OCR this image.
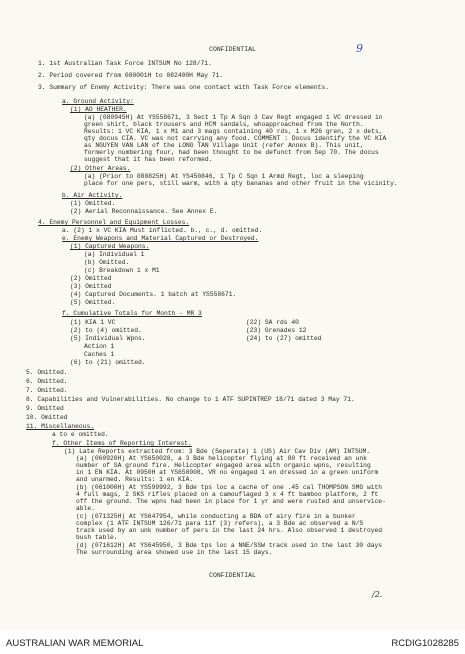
9
CONFIDENTIAL
1. 1st Australian Task Force INTSUM No 128/71.
2. Period covered from 080001H to 082400H May 71.
3. Summary of Enemy Activity: There was one contact with Task Force elements.
a. Ground Activity:
(1) AO HEATHER.
(a) (080945H) At YS558671, 3 Sect 1 Tp A Sqn 3 Cav Regt engaged 1 VC dressed in
green shirt, black trousers and HCM sandals, whoapproached from the North.
Results: 1 VC KIA, 1 x M1 and 3 mags containing 40 rds, 1 x M26 gren, 2 x dets,
qty docus CIA. VC was not carrying any food. COMMENT : Docus identify the VC KIA
as NGUYEN VAN LAN of the LONG TAN Village Unit (refer Annex B). This unit,
formerly numbering four, had been thought to be defunct from Sep 70. The docus
suggest that it has been reformed.
(2) Other Areas.
(a) (Prior to 080825H) At YS450846, 1 Tp C Sqn 1 Armd Regt, loc a sleeping
place for one pers, still warm, with a qty bananas and other fruit in the vicinity.
b. Air Activity.
(1) Omitted.
(2) Aerial Reconnaissance. See Annex E.
4. Enemy Personnel and Equipment Losses.
a. (2) 1 x VC KIA Must inflicted. b., c., d. omitted.
e. Enemy Weapons and Material Captured or Destroyed.
(1) Captured Weapons.
(a) Individual 1
(b) Omitted.
(c) Breakdown 1 x M1
(2) Omitted
(3) Omitted
(4) Captured Documents. 1 batch at YS558671.
(5) Omitted.
f. Cumulative Totals for Month - MR 3
(1) KIA 1 VC	(22) SA rds 40
(2) to (4) omitted.	(23) Grenades 12
(5) Individual Wpns.	(24) to (27) omitted
Action 1
Caches 1
(6) to (21) omitted.
5. Omitted.
6. Omitted.
7. Omitted.
8. Capabilities and Vulnerabilities. No change to 1 ATF SUPINTREP 18/71 dated 3 May 71.
9. Omitted
10. Omitted
11. Miscellaneous.
a to e omitted.
f. Other Items of Reporting Interest.
(1) Late Reports extracted from: 3 Bde (Seperate) 1 (US) Air Cav Div (AM) INTSUM.
(a) (060920H) At YS650028, a 3 Bde helicopter flying at 80 ft received an unk
number of SA ground fire. Helicopter engaged area with organic wpns, resulting
in 1 EN KIA. At 0950H at YS658008, VR no engaged 1 en dressed in a green uniform
and unarmed. Results: 1 en KIA.
(b) (061000H) At YS599992, 3 Bde tps loc a cache of one .45 cal THOMPSON SMG with
4 full mags, 2 SKS rifles placed on a camouflaged 3 x 4 ft bamboo platform, 2 ft
off the ground. The wpns had been in place for 1 yr and were rusted and unservice-
able.
(c) (071325H) At YS647954, while conducting a BDA of airy fire in a bunker
complex (1 ATF INTSUM 126/71 para 11f (3) refers), a 3 Bde ac observed a N/S
track used by an unk number of pers in the last 24 hrs. Also observed 1 destroyed
bush table.
(d) (071612H) At YS645950, 3 Bde tps loc a NNE/SSW track used in the last 30 days
The surrounding area showed use in the last 15 days.
CONFIDENTIAL
/2.
AUSTRALIAN WAR MEMORIAL	RCDIG1028285
